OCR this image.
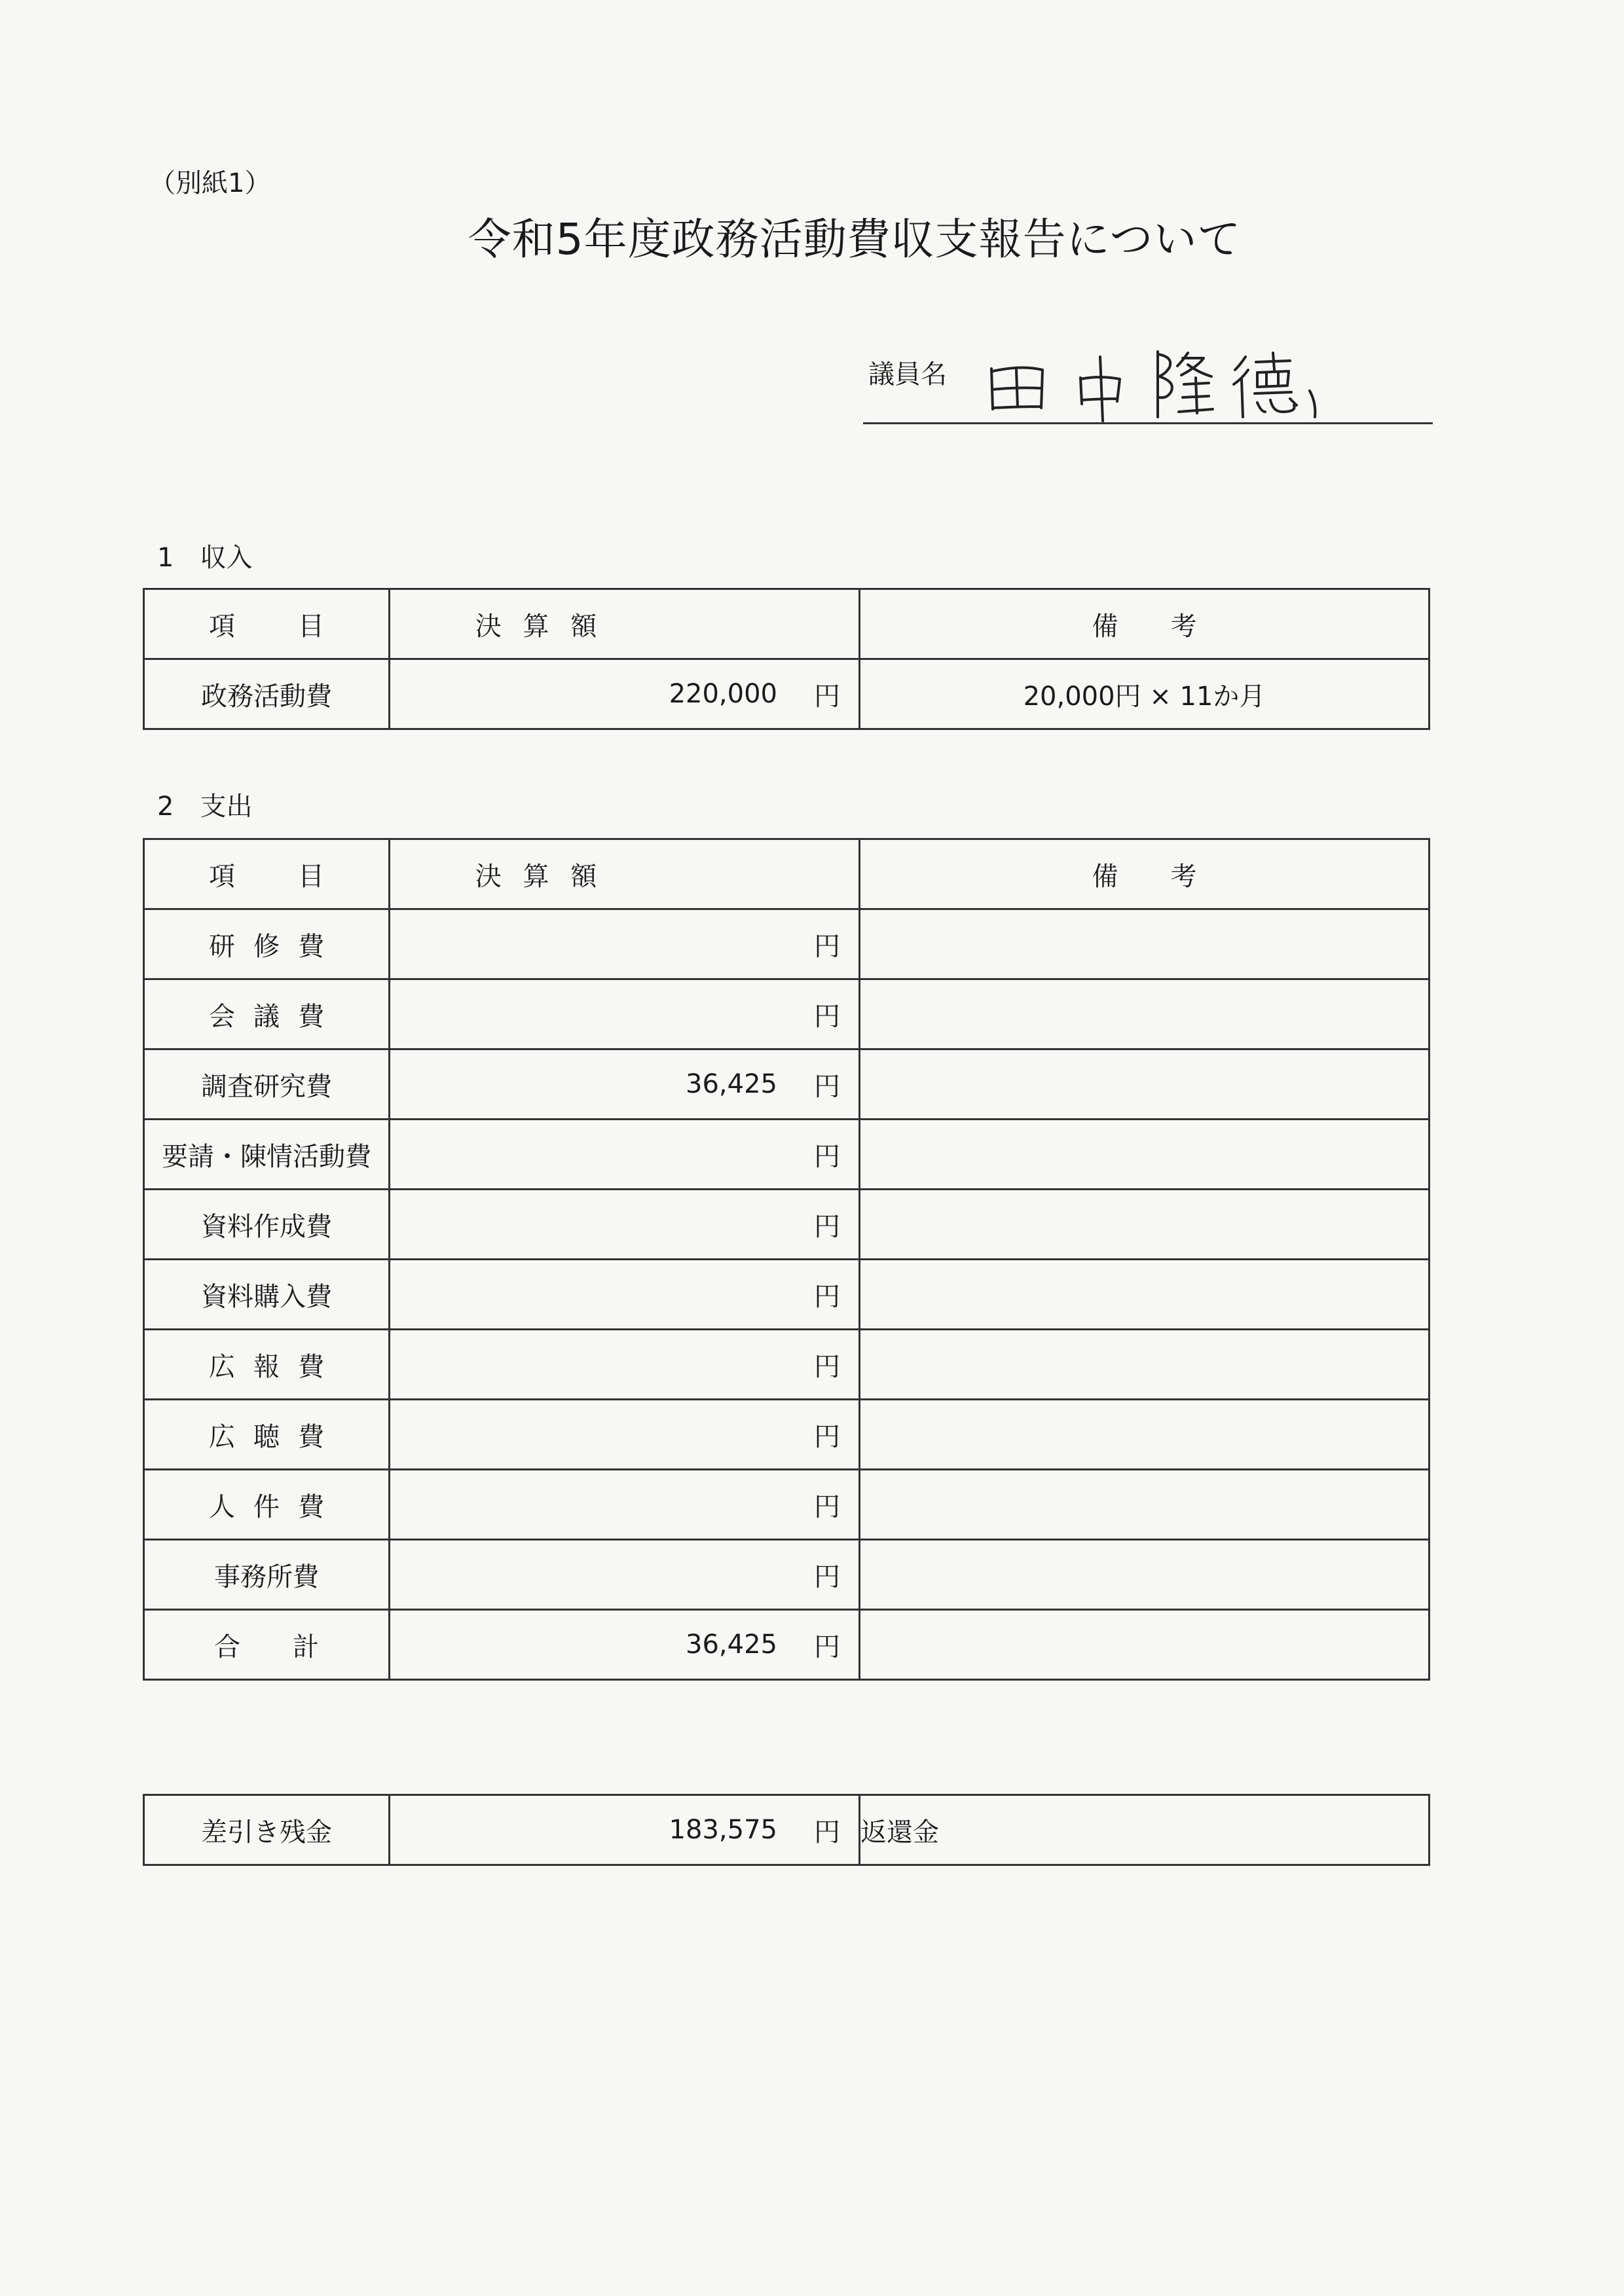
（別紙1）
令和5年度政務活動費収支報告について
議員名
1　収入
項　目	決 算 額	備　　考
政務活動費	220,000 円	20,000円 × 11か月
2　支出
項　目	決 算 額	備　　考
研修費	円	

会議費	円	

調査研究費	36,425 円	

要請・陳情活動費	円	

資料作成費	円	

資料購入費	円	

広報費	円	

広聴費	円	

人件費	円	

事務所費	円	

合計	36,425 円	

差引き残金	183,575 円	返還金
